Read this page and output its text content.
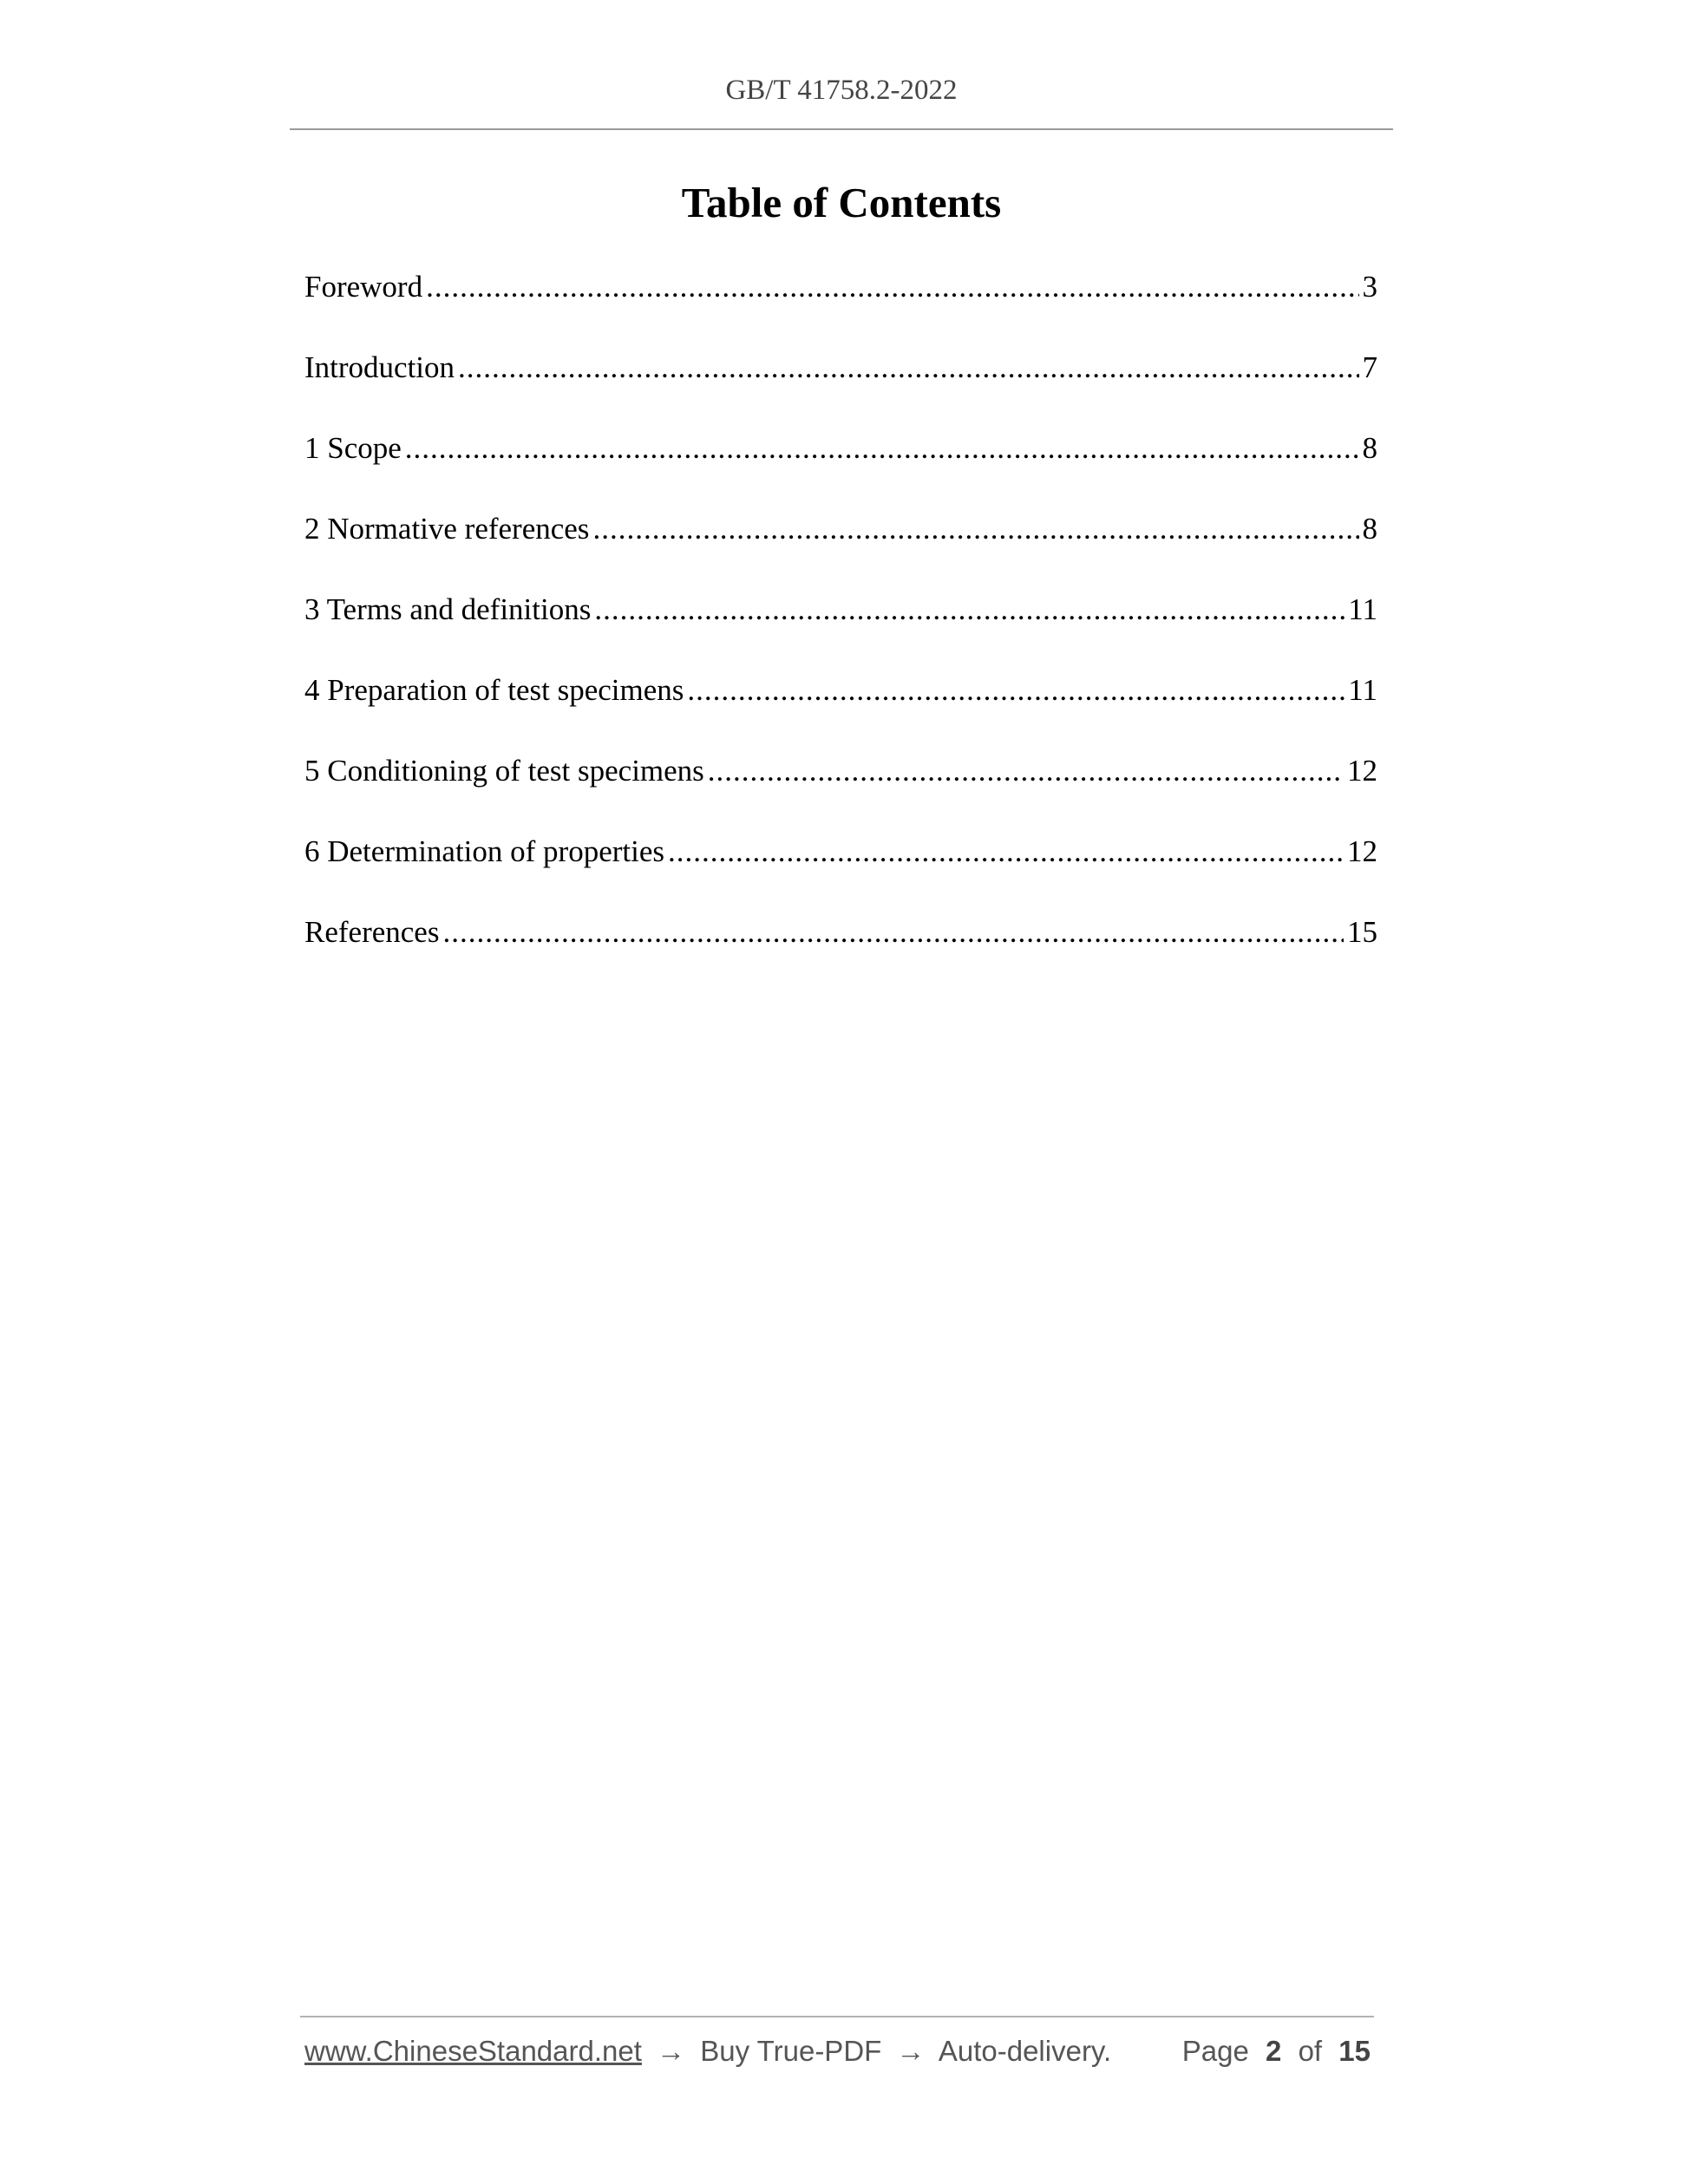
GB/T 41758.2-2022
Table of Contents
Foreword .....	3
Introduction .....	7
1 Scope .....	8
2 Normative references .....	8
3 Terms and definitions .....	11
4 Preparation of test specimens .....	11
5 Conditioning of test specimens .....	12
6 Determination of properties .....	12
References .....	15
www.ChineseStandard.net → Buy True-PDF → Auto-delivery. Page 2 of 15
